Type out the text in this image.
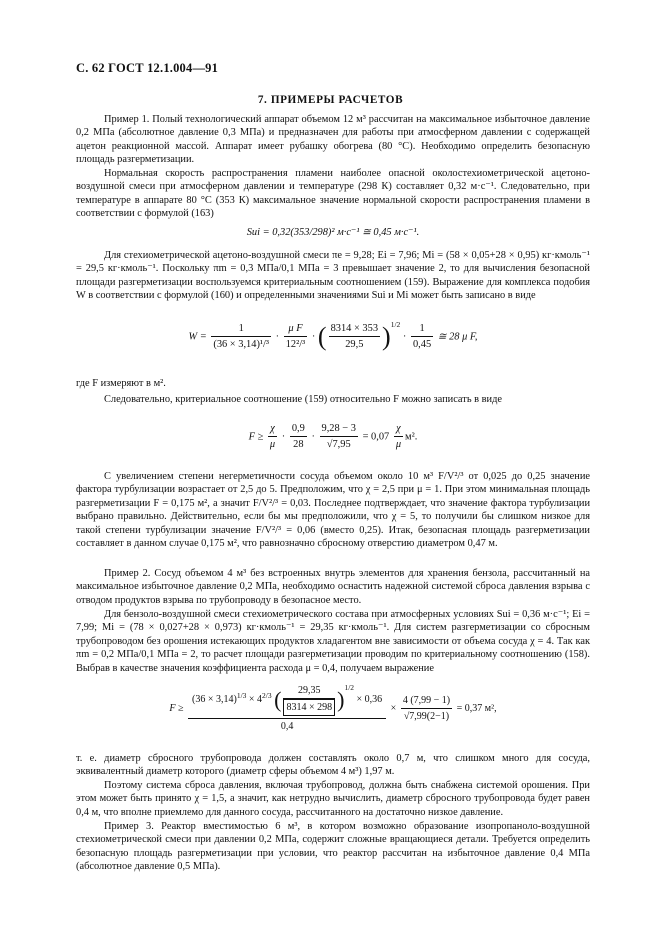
С. 62 ГОСТ 12.1.004—91
7. ПРИМЕРЫ РАСЧЕТОВ

Пример 1. Полый технологический аппарат объемом 12 м³ рассчитан на максимальное избыточное давление 0,2 МПа (абсолютное давление 0,3 МПа) и предназначен для работы при атмосферном давлении с содержащей ацетон реакционной массой. Аппарат имеет рубашку обогрева (80 °С). Необходимо определить безопасную площадь разгерметизации.

Нормальная скорость распространения пламени наиболее опасной околостехиометрической ацетоно-воздушной смеси при атмосферном давлении и температуре (298 К) составляет 0,32 м·с⁻¹. Следовательно, при температуре в аппарате 80 °С (353 К) максимальное значение нормальной скорости распространения пламени в соответствии с формулой (163)

Sui = 0,32(353/298)² м·с⁻¹ ≅ 0,45 м·с⁻¹.

Для стехиометрической ацетоно-воздушной смеси πe = 9,28; Ei = 7,96; Mi = (58 × 0,05+28 × 0,95) кг·кмоль⁻¹ = 29,5 кг·кмоль⁻¹. Поскольку πm = 0,3 МПа/0,1 МПа = 3 превышает значение 2, то для вычисления безопасной площади разгерметизации воспользуемся критериальным соотношением (159). Выражение для комплекса подобия W в соответствии с формулой (160) и определенными значениями Sui и Mi может быть записано в виде

$W = \frac{1}{\text{(36 × 3,14)¹/³}} \cdot \frac{\text{μ F}}{\text{12²/³}}$ · ( $\frac{8314 \times 353}{29,5} )^{1/2} \cdot \frac{1}{0,45}$ ≅ 28 μ F,

где F измеряют в м².

Следовательно, критериальное соотношение (159) относительно F можно записать в виде

$F \ge \frac{\chi}{\mu} \cdot \frac{0,9}{28} \cdot \frac{9,28 - 3}{√7,95} = 0,07 \frac{\chi}{\mu} м^2$.

С увеличением степени негерметичности сосуда объемом около 10 м³ F/V²/³ от 0,025 до 0,25 значение фактора турбулизации возрастает от 2,5 до 5. Предположим, что χ = 2,5 при μ = 1. При этом минимальная площадь разгерметизации F = 0,175 м², а значит F/V²/³ = 0,03. Последнее подтверждает, что значение фактора турбулизации выбрано правильно. Действительно, если бы мы предположили, что χ = 5, то получили бы слишком низкое для такой степени турбулизации значение F/V²/³ = 0,06 (вместо 0,25). Итак, безопасная площадь разгерметизации составляет в данном случае 0,175 м², что равнозначно сбросному отверстию диаметром 0,47 м.

Пример 2. Сосуд объемом 4 м³ без встроенных внутрь элементов для хранения бензола, рассчитанный на максимальное избыточное давление 0,2 МПа, необходимо оснастить надежной системой сброса давления взрыва с отводом продуктов взрыва по трубопроводу в безопасное место.

Для бензоло-воздушной смеси стехиометрического состава при атмосферных условиях Sui = 0,36 м·с⁻¹; Ei = 7,99; Mi = (78 × 0,027+28 × 0,973) кг·кмоль⁻¹ = 29,35 кг·кмоль⁻¹. Для систем разгерметизации со сбросным трубопроводом без орошения истекающих продуктов хладагентом вне зависимости от объема сосуда χ = 4. Так как πm = 0,2 МПа/0,1 МПа = 2, то расчет площади разгерметизации проводим по критериальному соотношению (158). Выбрав в качестве значения коэффициента расхода μ = 0,4, получаем выражение

F ≥
$(36 \times 3,14)^{1/3} \times 4^{2/3}$ ( $\frac{29,35}{8314 \times 298} )^{1/2} \times 0,36$
0,4
× $\frac{4 (7,99 - 1)}{√7,99(2-1)} = 0,37$ м²,

т. е. диаметр сбросного трубопровода должен составлять около 0,7 м, что слишком много для сосуда, эквивалентный диаметр которого (диаметр сферы объемом 4 м³) 1,97 м.

Поэтому система сброса давления, включая трубопровод, должна быть снабжена системой орошения. При этом может быть принято χ = 1,5, а значит, как нетрудно вычислить, диаметр сбросного трубопровода будет равен 0,4 м, что вполне приемлемо для данного сосуда, рассчитанного на достаточно низкое давление.

Пример 3. Реактор вместимостью 6 м³, в котором возможно образование изопропаноло-воздушной стехиометрической смеси при давлении 0,2 МПа, содержит сложные вращающиеся детали. Требуется определить безопасную площадь разгерметизации при условии, что реактор рассчитан на избыточное давление 0,4 МПа (абсолютное давление 0,5 МПа).
